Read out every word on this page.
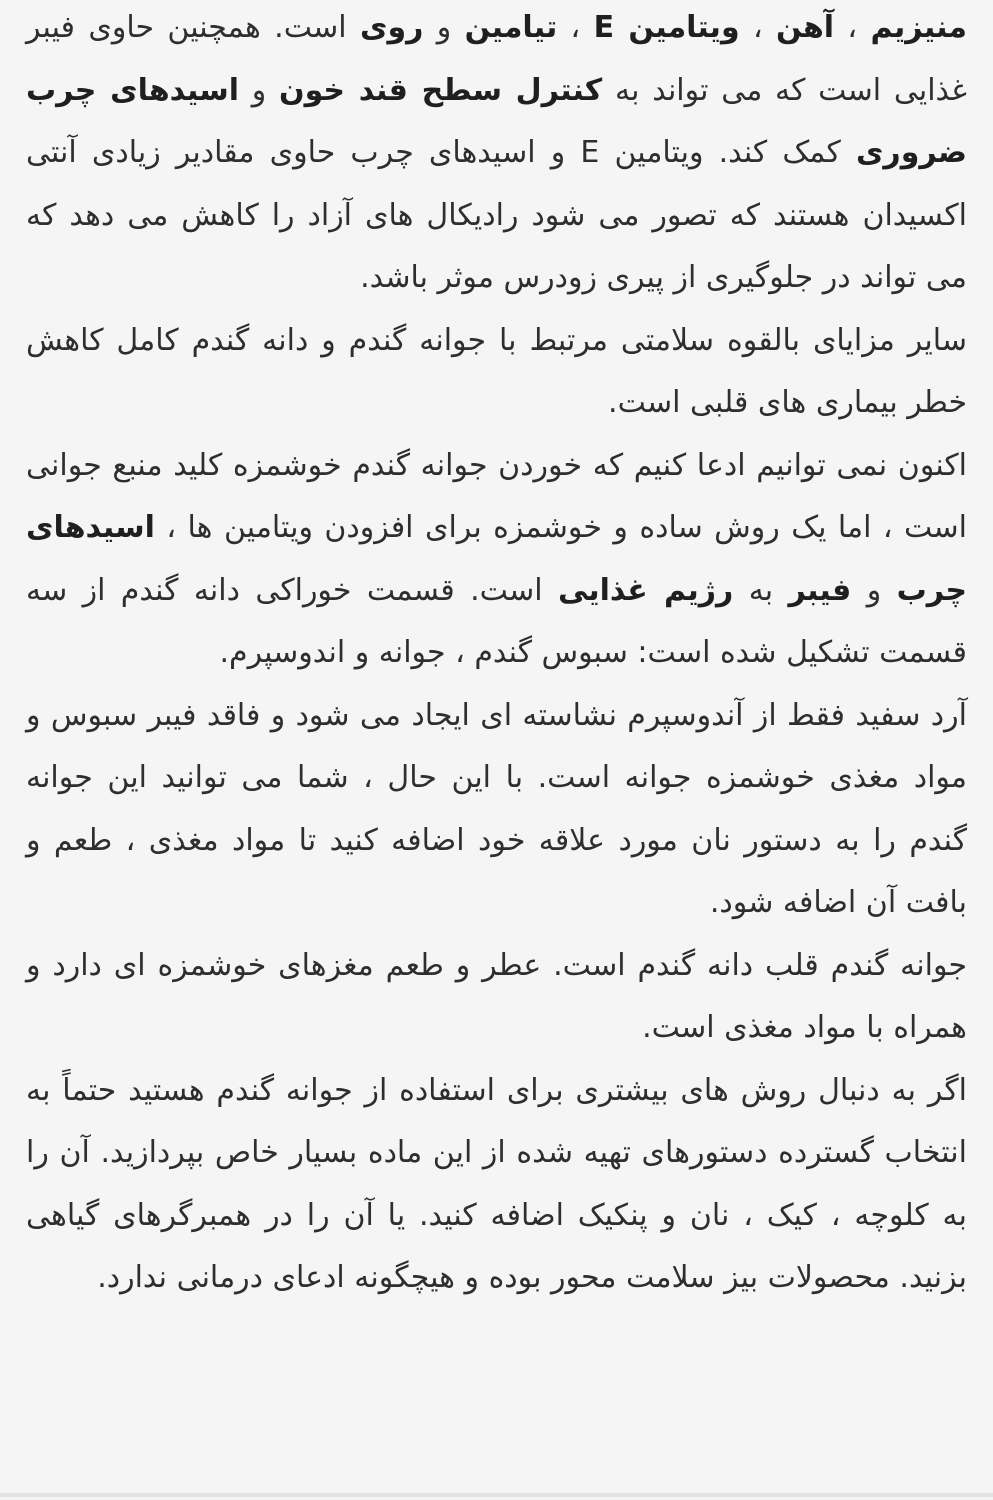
منیزیم ، آهن ، ویتامین E ، تیامین و روی است. همچنین حاوی فیبر غذایی است که می تواند به کنترل سطح قند خون و اسیدهای چرب ضروری کمک کند. ویتامین E و اسیدهای چرب حاوی مقادیر زیادی آنتی اکسیدان هستند که تصور می شود رادیکال های آزاد را کاهش می دهد که می تواند در جلوگیری از پیری زودرس موثر باشد.

سایر مزایای بالقوه سلامتی مرتبط با جوانه گندم و دانه گندم کامل کاهش خطر بیماری های قلبی است.

اکنون نمی توانیم ادعا کنیم که خوردن جوانه گندم خوشمزه کلید منبع جوانی است ، اما یک روش ساده و خوشمزه برای افزودن ویتامین ها ، اسیدهای چرب و فیبر به رژیم غذایی است. قسمت خوراکی دانه گندم از سه قسمت تشکیل شده است: سبوس گندم ، جوانه و اندوسپرم.

آرد سفید فقط از آندوسپرم نشاسته ای ایجاد می شود و فاقد فیبر سبوس و مواد مغذی خوشمزه جوانه است. با این حال ، شما می توانید این جوانه گندم را به دستور نان مورد علاقه خود اضافه کنید تا مواد مغذی ، طعم و بافت آن اضافه شود.

جوانه گندم قلب دانه گندم است. عطر و طعم مغزهای خوشمزه ای دارد و همراه با مواد مغذی است.

اگر به دنبال روش های بیشتری برای استفاده از جوانه گندم هستید حتماً به انتخاب گسترده دستورهای تهیه شده از این ماده بسیار خاص بپردازید. آن را به کلوچه ، کیک ، نان و پنکیک اضافه کنید. یا آن را در همبرگرهای گیاهی بزنید. محصولات بیز سلامت محور بوده و هیچگونه ادعای درمانی ندارد.
